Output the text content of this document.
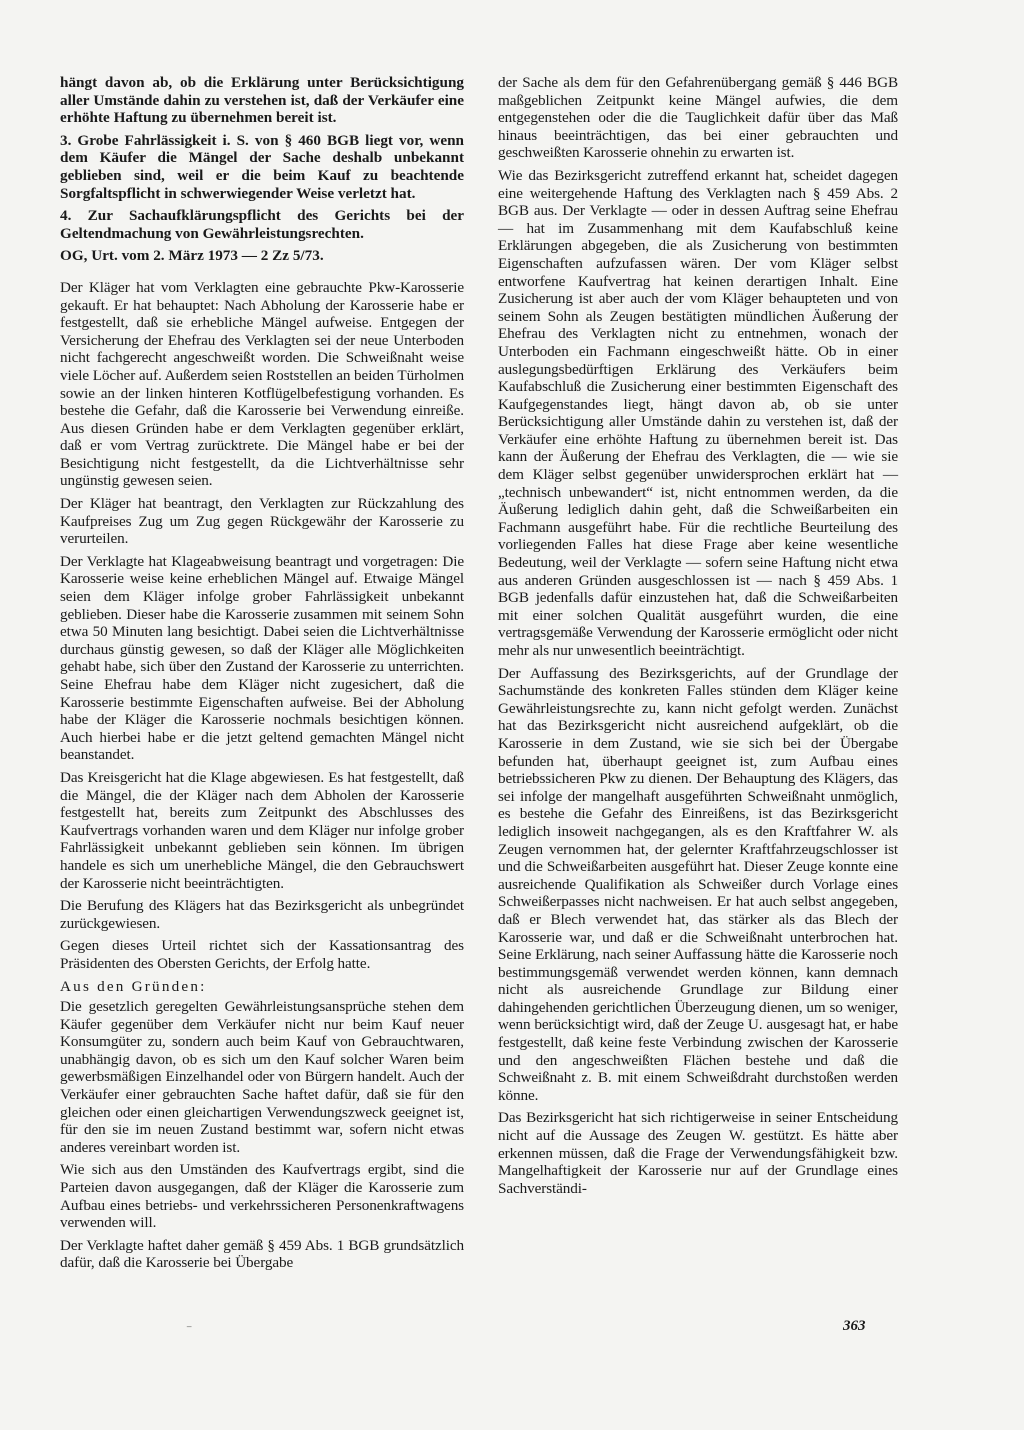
hängt davon ab, ob die Erklärung unter Berücksichtigung aller Umstände dahin zu verstehen ist, daß der Verkäufer eine erhöhte Haftung zu übernehmen bereit ist.

3. Grobe Fahrlässigkeit i. S. von § 460 BGB liegt vor, wenn dem Käufer die Mängel der Sache deshalb unbekannt geblieben sind, weil er die beim Kauf zu beachtende Sorgfaltspflicht in schwerwiegender Weise verletzt hat.

4. Zur Sachaufklärungspflicht des Gerichts bei der Geltendmachung von Gewährleistungsrechten.

OG, Urt. vom 2. März 1973 — 2 Zz 5/73.

Der Kläger hat vom Verklagten eine gebrauchte Pkw-Karosserie gekauft. Er hat behauptet: Nach Abholung der Karosserie habe er festgestellt, daß sie erhebliche Mängel aufweise. Entgegen der Versicherung der Ehefrau des Verklagten sei der neue Unterboden nicht fachgerecht angeschweißt worden. Die Schweißnaht weise viele Löcher auf. Außerdem seien Roststellen an beiden Türholmen sowie an der linken hinteren Kotflügelbefestigung vorhanden. Es bestehe die Gefahr, daß die Karosserie bei Verwendung einreiße. Aus diesen Gründen habe er dem Verklagten gegenüber erklärt, daß er vom Vertrag zurücktrete. Die Mängel habe er bei der Besichtigung nicht festgestellt, da die Lichtverhältnisse sehr ungünstig gewesen seien.

Der Kläger hat beantragt, den Verklagten zur Rückzahlung des Kaufpreises Zug um Zug gegen Rückgewähr der Karosserie zu verurteilen.

Der Verklagte hat Klageabweisung beantragt und vorgetragen: Die Karosserie weise keine erheblichen Mängel auf. Etwaige Mängel seien dem Kläger infolge grober Fahrlässigkeit unbekannt geblieben. Dieser habe die Karosserie zusammen mit seinem Sohn etwa 50 Minuten lang besichtigt. Dabei seien die Lichtverhältnisse durchaus günstig gewesen, so daß der Kläger alle Möglichkeiten gehabt habe, sich über den Zustand der Karosserie zu unterrichten. Seine Ehefrau habe dem Kläger nicht zugesichert, daß die Karosserie bestimmte Eigenschaften aufweise. Bei der Abholung habe der Kläger die Karosserie nochmals besichtigen können. Auch hierbei habe er die jetzt geltend gemachten Mängel nicht beanstandet.

Das Kreisgericht hat die Klage abgewiesen. Es hat festgestellt, daß die Mängel, die der Kläger nach dem Abholen der Karosserie festgestellt hat, bereits zum Zeitpunkt des Abschlusses des Kaufvertrags vorhanden waren und dem Kläger nur infolge grober Fahrlässigkeit unbekannt geblieben sein können. Im übrigen handele es sich um unerhebliche Mängel, die den Gebrauchswert der Karosserie nicht beeinträchtigten.

Die Berufung des Klägers hat das Bezirksgericht als unbegründet zurückgewiesen.

Gegen dieses Urteil richtet sich der Kassationsantrag des Präsidenten des Obersten Gerichts, der Erfolg hatte.

Aus den Gründen:

Die gesetzlich geregelten Gewährleistungsansprüche stehen dem Käufer gegenüber dem Verkäufer nicht nur beim Kauf neuer Konsumgüter zu, sondern auch beim Kauf von Gebrauchtwaren, unabhängig davon, ob es sich um den Kauf solcher Waren beim gewerbsmäßigen Einzelhandel oder von Bürgern handelt. Auch der Verkäufer einer gebrauchten Sache haftet dafür, daß sie für den gleichen oder einen gleichartigen Verwendungszweck geeignet ist, für den sie im neuen Zustand bestimmt war, sofern nicht etwas anderes vereinbart worden ist.

Wie sich aus den Umständen des Kaufvertrags ergibt, sind die Parteien davon ausgegangen, daß der Kläger die Karosserie zum Aufbau eines betriebs- und verkehrssicheren Personenkraftwagens verwenden will.

Der Verklagte haftet daher gemäß § 459 Abs. 1 BGB grundsätzlich dafür, daß die Karosserie bei Übergabe

der Sache als dem für den Gefahrenübergang gemäß § 446 BGB maßgeblichen Zeitpunkt keine Mängel aufwies, die dem entgegenstehen oder die die Tauglichkeit dafür über das Maß hinaus beeinträchtigen, das bei einer gebrauchten und geschweißten Karosserie ohnehin zu erwarten ist.

Wie das Bezirksgericht zutreffend erkannt hat, scheidet dagegen eine weitergehende Haftung des Verklagten nach § 459 Abs. 2 BGB aus. Der Verklagte — oder in dessen Auftrag seine Ehefrau — hat im Zusammenhang mit dem Kaufabschluß keine Erklärungen abgegeben, die als Zusicherung von bestimmten Eigenschaften aufzufassen wären. Der vom Kläger selbst entworfene Kaufvertrag hat keinen derartigen Inhalt. Eine Zusicherung ist aber auch der vom Kläger behaupteten und von seinem Sohn als Zeugen bestätigten mündlichen Äußerung der Ehefrau des Verklagten nicht zu entnehmen, wonach der Unterboden ein Fachmann eingeschweißt hätte. Ob in einer auslegungsbedürftigen Erklärung des Verkäufers beim Kaufabschluß die Zusicherung einer bestimmten Eigenschaft des Kaufgegenstandes liegt, hängt davon ab, ob sie unter Berücksichtigung aller Umstände dahin zu verstehen ist, daß der Verkäufer eine erhöhte Haftung zu übernehmen bereit ist. Das kann der Äußerung der Ehefrau des Verklagten, die — wie sie dem Kläger selbst gegenüber unwidersprochen erklärt hat — „technisch unbewandert“ ist, nicht entnommen werden, da die Äußerung lediglich dahin geht, daß die Schweißarbeiten ein Fachmann ausgeführt habe. Für die rechtliche Beurteilung des vorliegenden Falles hat diese Frage aber keine wesentliche Bedeutung, weil der Verklagte — sofern seine Haftung nicht etwa aus anderen Gründen ausgeschlossen ist — nach § 459 Abs. 1 BGB jedenfalls dafür einzustehen hat, daß die Schweißarbeiten mit einer solchen Qualität ausgeführt wurden, die eine vertragsgemäße Verwendung der Karosserie ermöglicht oder nicht mehr als nur unwesentlich beeinträchtigt.

Der Auffassung des Bezirksgerichts, auf der Grundlage der Sachumstände des konkreten Falles stünden dem Kläger keine Gewährleistungsrechte zu, kann nicht gefolgt werden. Zunächst hat das Bezirksgericht nicht ausreichend aufgeklärt, ob die Karosserie in dem Zustand, wie sie sich bei der Übergabe befunden hat, überhaupt geeignet ist, zum Aufbau eines betriebssicheren Pkw zu dienen. Der Behauptung des Klägers, das sei infolge der mangelhaft ausgeführten Schweißnaht unmöglich, es bestehe die Gefahr des Einreißens, ist das Bezirksgericht lediglich insoweit nachgegangen, als es den Kraftfahrer W. als Zeugen vernommen hat, der gelernter Kraftfahrzeugschlosser ist und die Schweißarbeiten ausgeführt hat. Dieser Zeuge konnte eine ausreichende Qualifikation als Schweißer durch Vorlage eines Schweißerpasses nicht nachweisen. Er hat auch selbst angegeben, daß er Blech verwendet hat, das stärker als das Blech der Karosserie war, und daß er die Schweißnaht unterbrochen hat. Seine Erklärung, nach seiner Auffassung hätte die Karosserie noch bestimmungsgemäß verwendet werden können, kann demnach nicht als ausreichende Grundlage zur Bildung einer dahingehenden gerichtlichen Überzeugung dienen, um so weniger, wenn berücksichtigt wird, daß der Zeuge U. ausgesagt hat, er habe festgestellt, daß keine feste Verbindung zwischen der Karosserie und den angeschweißten Flächen bestehe und daß die Schweißnaht z. B. mit einem Schweißdraht durchstoßen werden könne.

Das Bezirksgericht hat sich richtigerweise in seiner Entscheidung nicht auf die Aussage des Zeugen W. gestützt. Es hätte aber erkennen müssen, daß die Frage der Verwendungsfähigkeit bzw. Mangelhaftigkeit der Karosserie nur auf der Grundlage eines Sachverständi-

⁻	363
